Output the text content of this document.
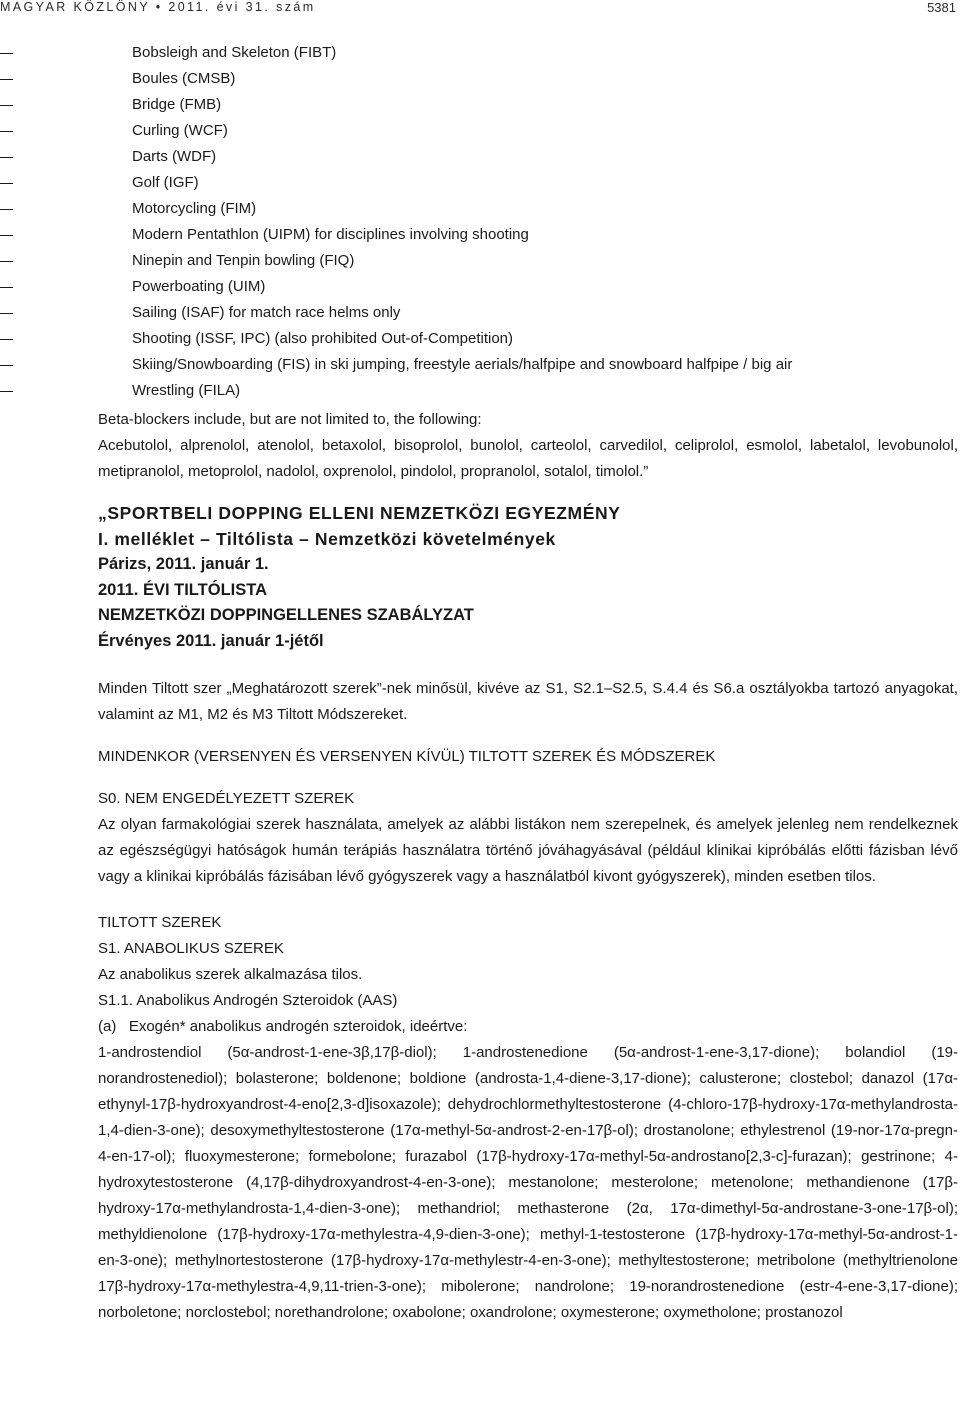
MAGYAR KÖZLÖNY • 2011. évi 31. szám	5381
Bobsleigh and Skeleton (FIBT)
Boules (CMSB)
Bridge (FMB)
Curling (WCF)
Darts (WDF)
Golf (IGF)
Motorcycling (FIM)
Modern Pentathlon (UIPM) for disciplines involving shooting
Ninepin and Tenpin bowling (FIQ)
Powerboating (UIM)
Sailing (ISAF) for match race helms only
Shooting (ISSF, IPC) (also prohibited Out-of-Competition)
Skiing/Snowboarding (FIS) in ski jumping, freestyle aerials/halfpipe and snowboard halfpipe / big air
Wrestling (FILA)
Beta-blockers include, but are not limited to, the following:
Acebutolol, alprenolol, atenolol, betaxolol, bisoprolol, bunolol, carteolol, carvedilol, celiprolol, esmolol, labetalol, levobunolol, metipranolol, metoprolol, nadolol, oxprenolol, pindolol, propranolol, sotalol, timolol.”
„SPORTBELI DOPPING ELLENI NEMZETKÖZI EGYEZMÉNY
I. melléklet – Tiltólista – Nemzetközi követelmények
Párizs, 2011. január 1.
2011. ÉVI TILTÓLISTA
NEMZETKÖZI DOPPINGELLENES SZABÁLYZAT
Érvényes 2011. január 1-jétől
Minden Tiltott szer „Meghatározott szerek”-nek minősül, kivéve az S1, S2.1–S2.5, S.4.4 és S6.a osztályokba tartozó anyagokat, valamint az M1, M2 és M3 Tiltott Módszereket.
MINDENKOR (VERSENYEN ÉS VERSENYEN KÍVÜL) TILTOTT SZEREK ÉS MÓDSZEREK
S0. NEM ENGEDÉLYEZETT SZEREK
Az olyan farmakológiai szerek használata, amelyek az alábbi listákon nem szerepelnek, és amelyek jelenleg nem rendelkeznek az egészségügyi hatóságok humán terápiás használatra történő jóváhagyásával (például klinikai kipróbálás előtti fázisban lévő vagy a klinikai kipróbálás fázisában lévő gyógyszerek vagy a használatból kivont gyógyszerek), minden esetben tilos.
TILTOTT SZEREK
S1. ANABOLIKUS SZEREK
Az anabolikus szerek alkalmazása tilos.
S1.1. Anabolikus Androgén Szteroidok (AAS)
(a)   Exogén* anabolikus androgén szteroidok, ideértve:
1-androstendiol (5α-androst-1-ene-3β,17β-diol); 1-androstenedione (5α-androst-1-ene-3,17-dione); bolandiol (19-norandrostenediol); bolasterone; boldenone; boldione (androsta-1,4-diene-3,17-dione); calusterone; clostebol; danazol (17α-ethynyl-17β-hydroxyandrost-4-eno[2,3-d]isoxazole); dehydrochlormethyltestosterone (4-chloro-17β-hydroxy-17α-methylandrosta-1,4-dien-3-one); desoxymethyltestosterone (17α-methyl-5α-androst-2-en-17β-ol); drostanolone; ethylestrenol (19-nor-17α-pregn-4-en-17-ol); fluoxymesterone; formebolone; furazabol (17β-hydroxy-17α-methyl-5α-androstano[2,3-c]-furazan); gestrinone; 4-hydroxytestosterone (4,17β-dihydroxyandrost-4-en-3-one); mestanolone; mesterolone; metenolone; methandienone (17β-hydroxy-17α-methylandrosta-1,4-dien-3-one); methandriol; methasterone (2α, 17α-dimethyl-5α-androstane-3-one-17β-ol); methyldienolone (17β-hydroxy-17α-methylestra-4,9-dien-3-one); methyl-1-testosterone (17β-hydroxy-17α-methyl-5α-androst-1-en-3-one); methylnortestosterone (17β-hydroxy-17α-methylestr-4-en-3-one); methyltestosterone; metribolone (methyltrienolone 17β-hydroxy-17α-methylestra-4,9,11-trien-3-one); mibolerone; nandrolone; 19-norandrostenedione (estr-4-ene-3,17-dione); norboletone; norclostebol; norethandrolone; oxabolone; oxandrolone; oxymesterone; oxymetholone; prostanozol
